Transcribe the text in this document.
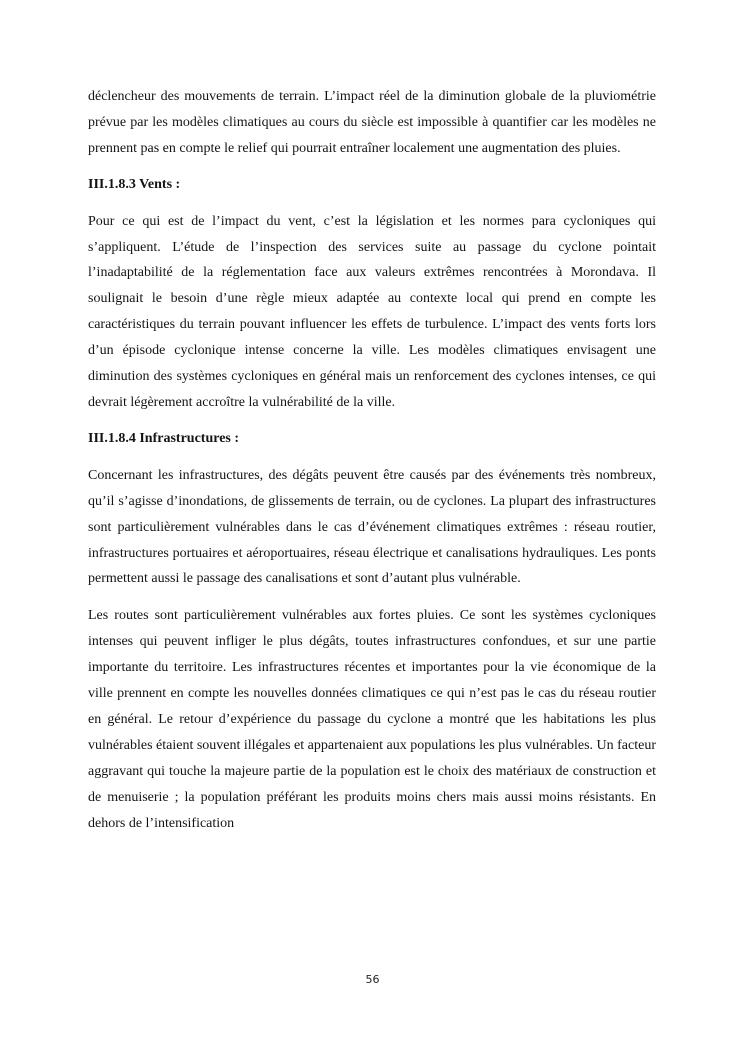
déclencheur des mouvements de terrain. L’impact réel de la diminution globale de la pluviométrie prévue par les modèles climatiques au cours du siècle est impossible à quantifier car les modèles ne prennent pas en compte le relief qui pourrait entraîner localement une augmentation des pluies.

III.1.8.3 Vents :

Pour ce qui est de l’impact du vent, c’est la législation et les normes para cycloniques qui s’appliquent. L’étude de l’inspection des services suite au passage du cyclone pointait l’inadaptabilité de la réglementation face aux valeurs extrêmes rencontrées à Morondava. Il soulignait le besoin d’une règle mieux adaptée au contexte local qui prend en compte les caractéristiques du terrain pouvant influencer les effets de turbulence. L’impact des vents forts lors d’un épisode cyclonique intense concerne la ville. Les modèles climatiques envisagent une diminution des systèmes cycloniques en général mais un renforcement des cyclones intenses, ce qui devrait légèrement accroître la vulnérabilité de la ville.

III.1.8.4 Infrastructures :

Concernant les infrastructures, des dégâts peuvent être causés par des événements très nombreux, qu’il s’agisse d’inondations, de glissements de terrain, ou de cyclones. La plupart des infrastructures sont particulièrement vulnérables dans le cas d’événement climatiques extrêmes : réseau routier, infrastructures portuaires et aéroportuaires, réseau électrique et canalisations hydrauliques. Les ponts permettent aussi le passage des canalisations et sont d’autant plus vulnérable.

Les routes sont particulièrement vulnérables aux fortes pluies. Ce sont les systèmes cycloniques intenses qui peuvent infliger le plus dégâts, toutes infrastructures confondues, et sur une partie importante du territoire. Les infrastructures récentes et importantes pour la vie économique de la ville prennent en compte les nouvelles données climatiques ce qui n’est pas le cas du réseau routier en général. Le retour d’expérience du passage du cyclone a montré que les habitations les plus vulnérables étaient souvent illégales et appartenaient aux populations les plus vulnérables. Un facteur aggravant qui touche la majeure partie de la population est le choix des matériaux de construction et de menuiserie ; la population préférant les produits moins chers mais aussi moins résistants. En dehors de l’intensification

56
